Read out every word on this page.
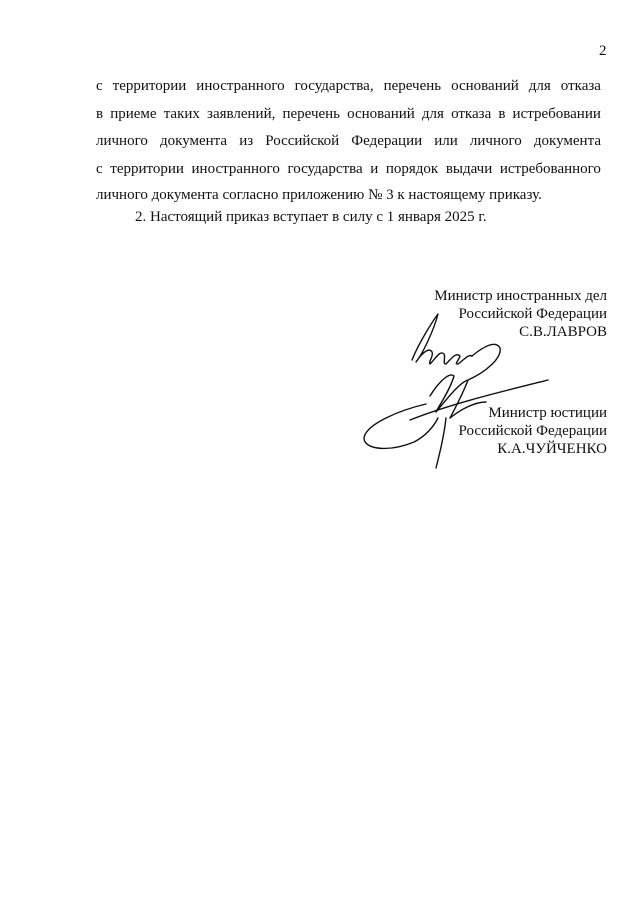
2
с территории иностранного государства, перечень оснований для отказа
в приеме таких заявлений, перечень оснований для отказа в истребовании
личного документа из Российской Федерации или личного документа
с территории иностранного государства и порядок выдачи истребованного
личного документа согласно приложению № 3 к настоящему приказу.
2. Настоящий приказ вступает в силу с 1 января 2025 г.
Министр иностранных дел
Российской Федерации
С.В.ЛАВРОВ
Министр юстиции
Российской Федерации
К.А.ЧУЙЧЕНКО
